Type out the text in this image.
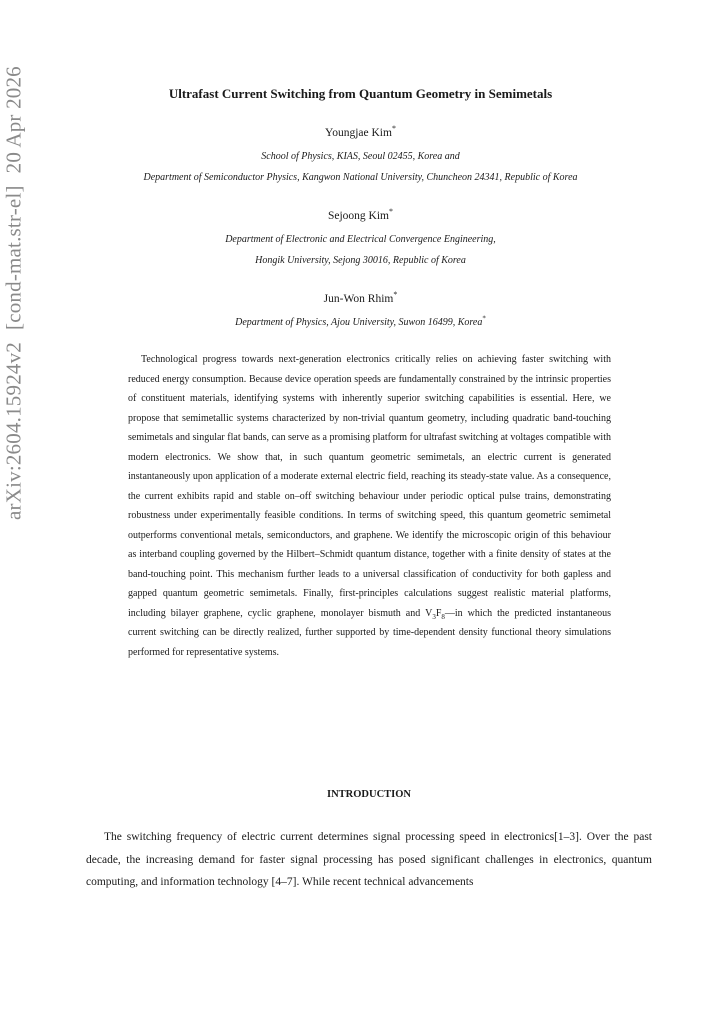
arXiv:2604.15924v2[cond-mat.str-el]20 Apr 2026	Ultrafast Current Switching from Quantum Geometry in Semimetals
Youngjae Kim*
School of Physics, KIAS, Seoul 02455, Korea and
Department of Semiconductor Physics, Kangwon National University, Chuncheon 24341, Republic of Korea
Sejoong Kim*
Department of Electronic and Electrical Convergence Engineering,
Hongik University, Sejong 30016, Republic of Korea
Jun-Won Rhim*
Department of Physics, Ajou University, Suwon 16499, Korea*
Technological progress towards next-generation electronics critically relies on achieving faster switching with reduced energy consumption. Because device operation speeds are fundamentally constrained by the intrinsic properties of constituent materials, identifying systems with inherently superior switching capabilities is essential. Here, we propose that semimetallic systems characterized by non-trivial quantum geometry, including quadratic band-touching semimetals and singular flat bands, can serve as a promising platform for ultrafast switching at voltages compatible with modern electronics. We show that, in such quantum geometric semimetals, an electric current is generated instantaneously upon application of a moderate external electric field, reaching its steady-state value. As a consequence, the current exhibits rapid and stable on–off switching behaviour under periodic optical pulse trains, demonstrating robustness under experimentally feasible conditions. In terms of switching speed, this quantum geometric semimetal outperforms conventional metals, semiconductors, and graphene. We identify the microscopic origin of this behaviour as interband coupling governed by the Hilbert–Schmidt quantum distance, together with a finite density of states at the band-touching point. This mechanism further leads to a universal classification of conductivity for both gapless and gapped quantum geometric semimetals. Finally, first-principles calculations suggest realistic material platforms, including bilayer graphene, cyclic graphene, monolayer bismuth and $V_3F_8—in$ which the predicted instantaneous current switching can be directly realized, further supported by time-dependent density functional theory simulations performed for representative systems.
INTRODUCTION
The switching frequency of electric current determines signal processing speed in electronics[1–3]. Over the past decade, the increasing demand for faster signal processing has posed significant challenges in electronics, quantum computing, and information technology [4–7]. While recent technical advancements
